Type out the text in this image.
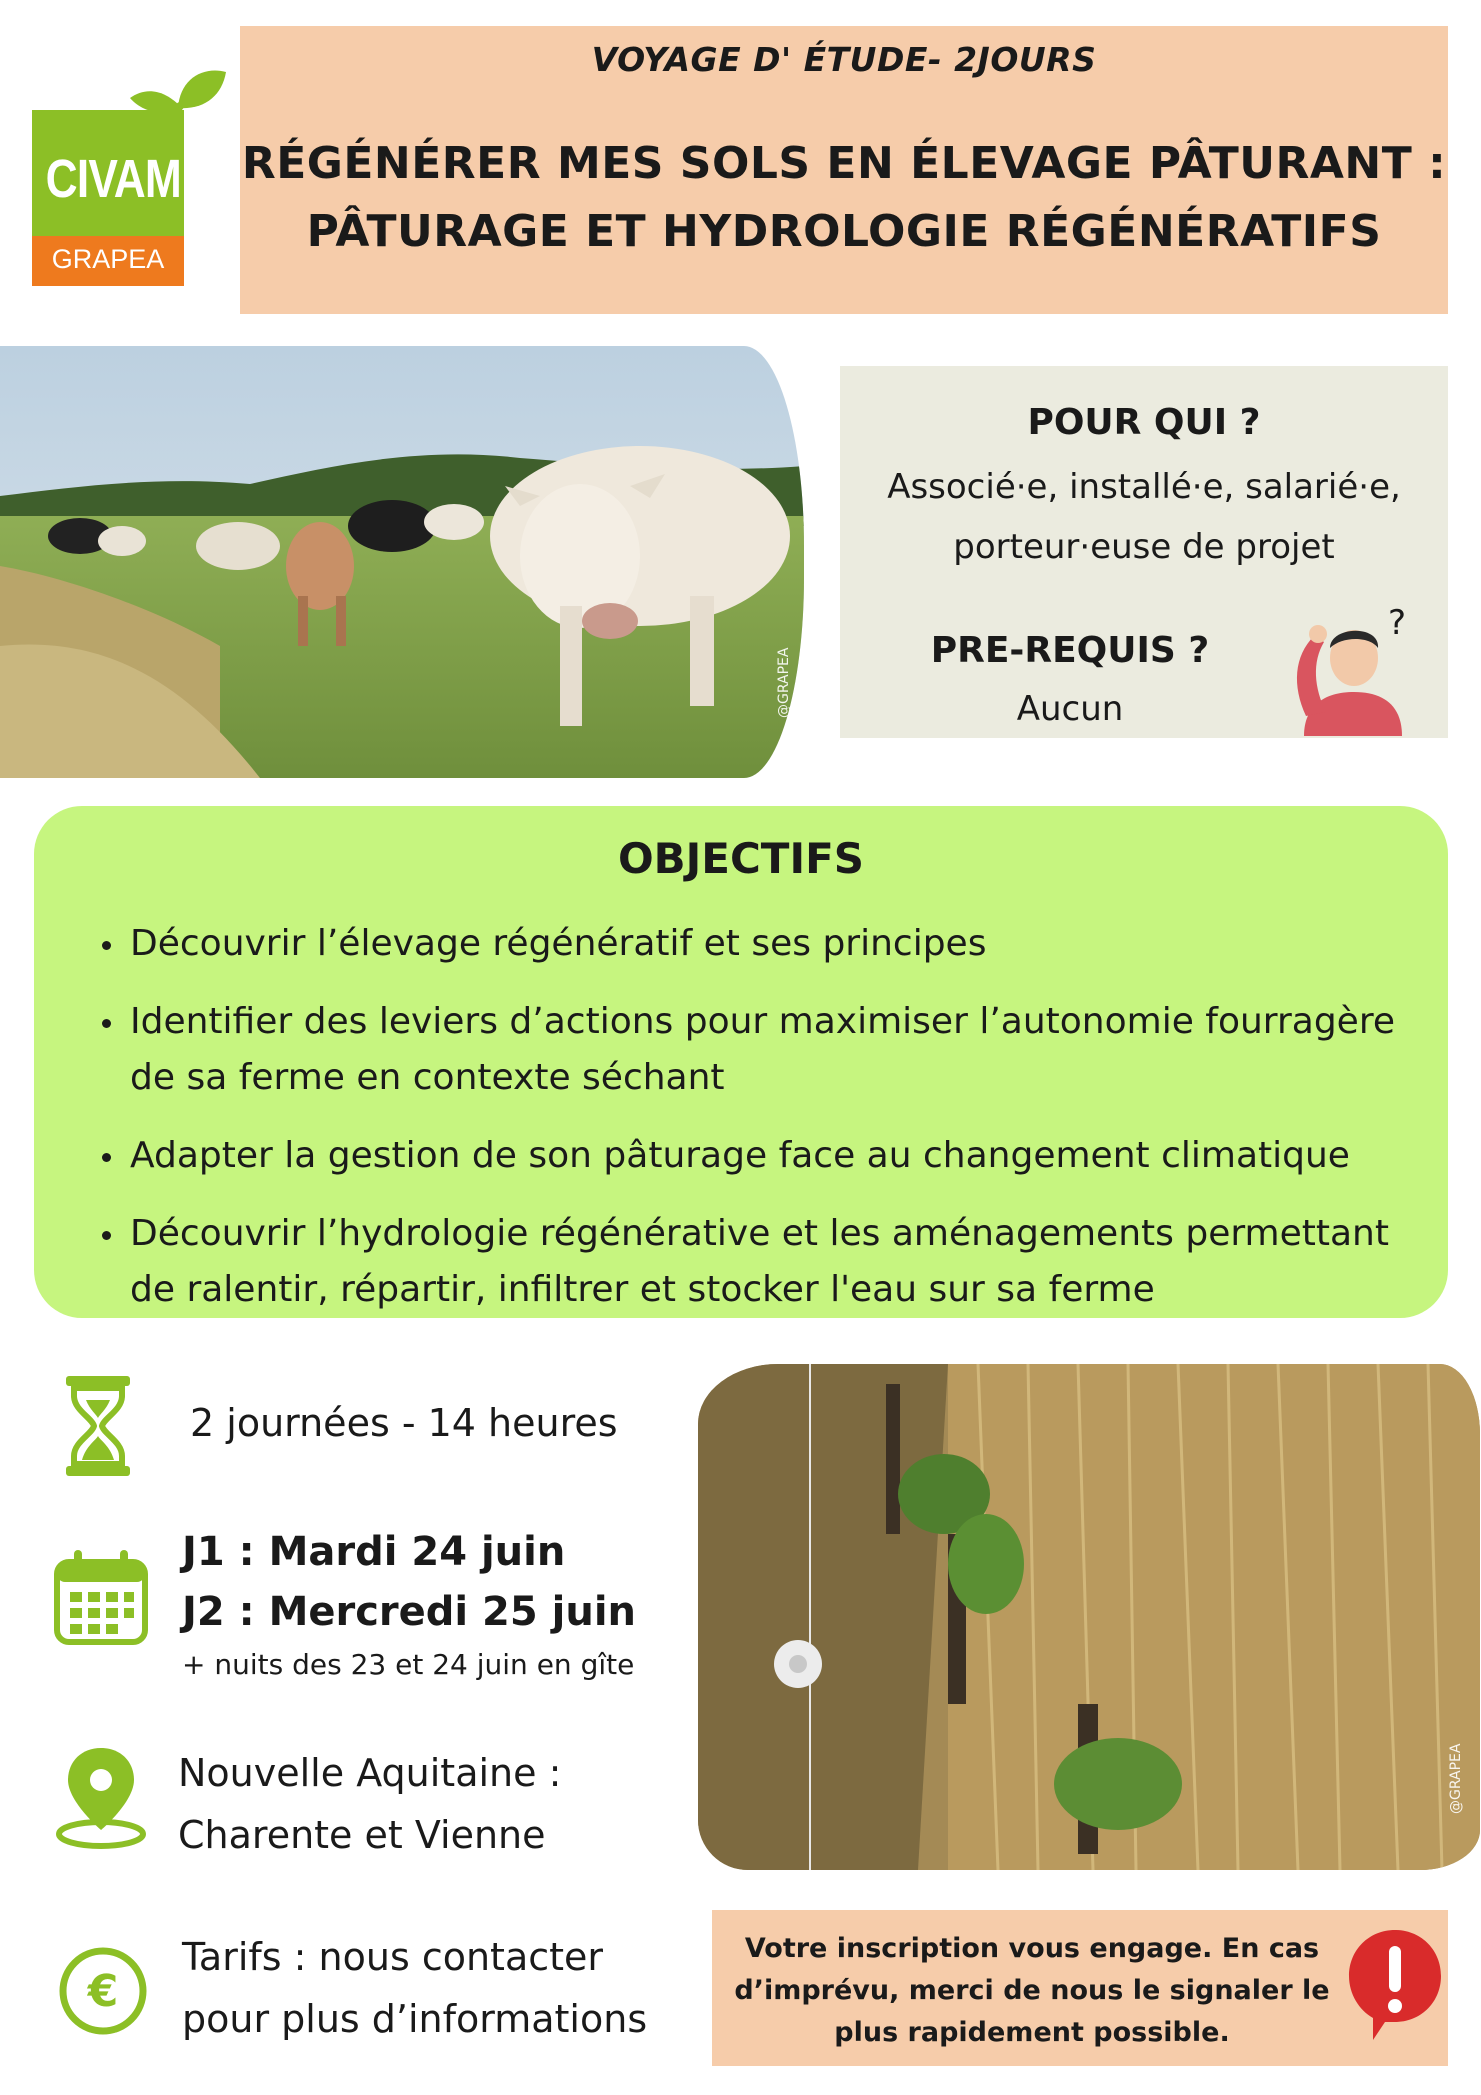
CIVAM
GRAPEA
VOYAGE D' ÉTUDE- 2JOURS
RÉGÉNÉRER MES SOLS EN ÉLEVAGE PÂTURANT :
PÂTURAGE ET HYDROLOGIE RÉGÉNÉRATIFS
@GRAPEA
POUR QUI ?
Associé·e, installé·e, salarié·e,
porteur·euse de projet
PRE-REQUIS ?
Aucun
?
OBJECTIFS
Découvrir l’élevage régénératif et ses principes
Identifier des leviers d’actions pour maximiser l’autonomie fourragère
de sa ferme en contexte séchant
Adapter la gestion de son pâturage face au changement climatique
Découvrir l’hydrologie régénérative et les aménagements permettant
de ralentir, répartir, infiltrer et stocker l'eau sur sa ferme
2 journées - 14 heures
J1 : Mardi 24 juin
J2 : Mercredi 25 juin
+ nuits des 23 et 24 juin en gîte
Nouvelle Aquitaine :
Charente et Vienne
@GRAPEA
€
Tarifs : nous contacter
pour plus d’informations

Votre inscription vous engage. En cas
d’imprévu, merci de nous le signaler le
plus rapidement possible.
